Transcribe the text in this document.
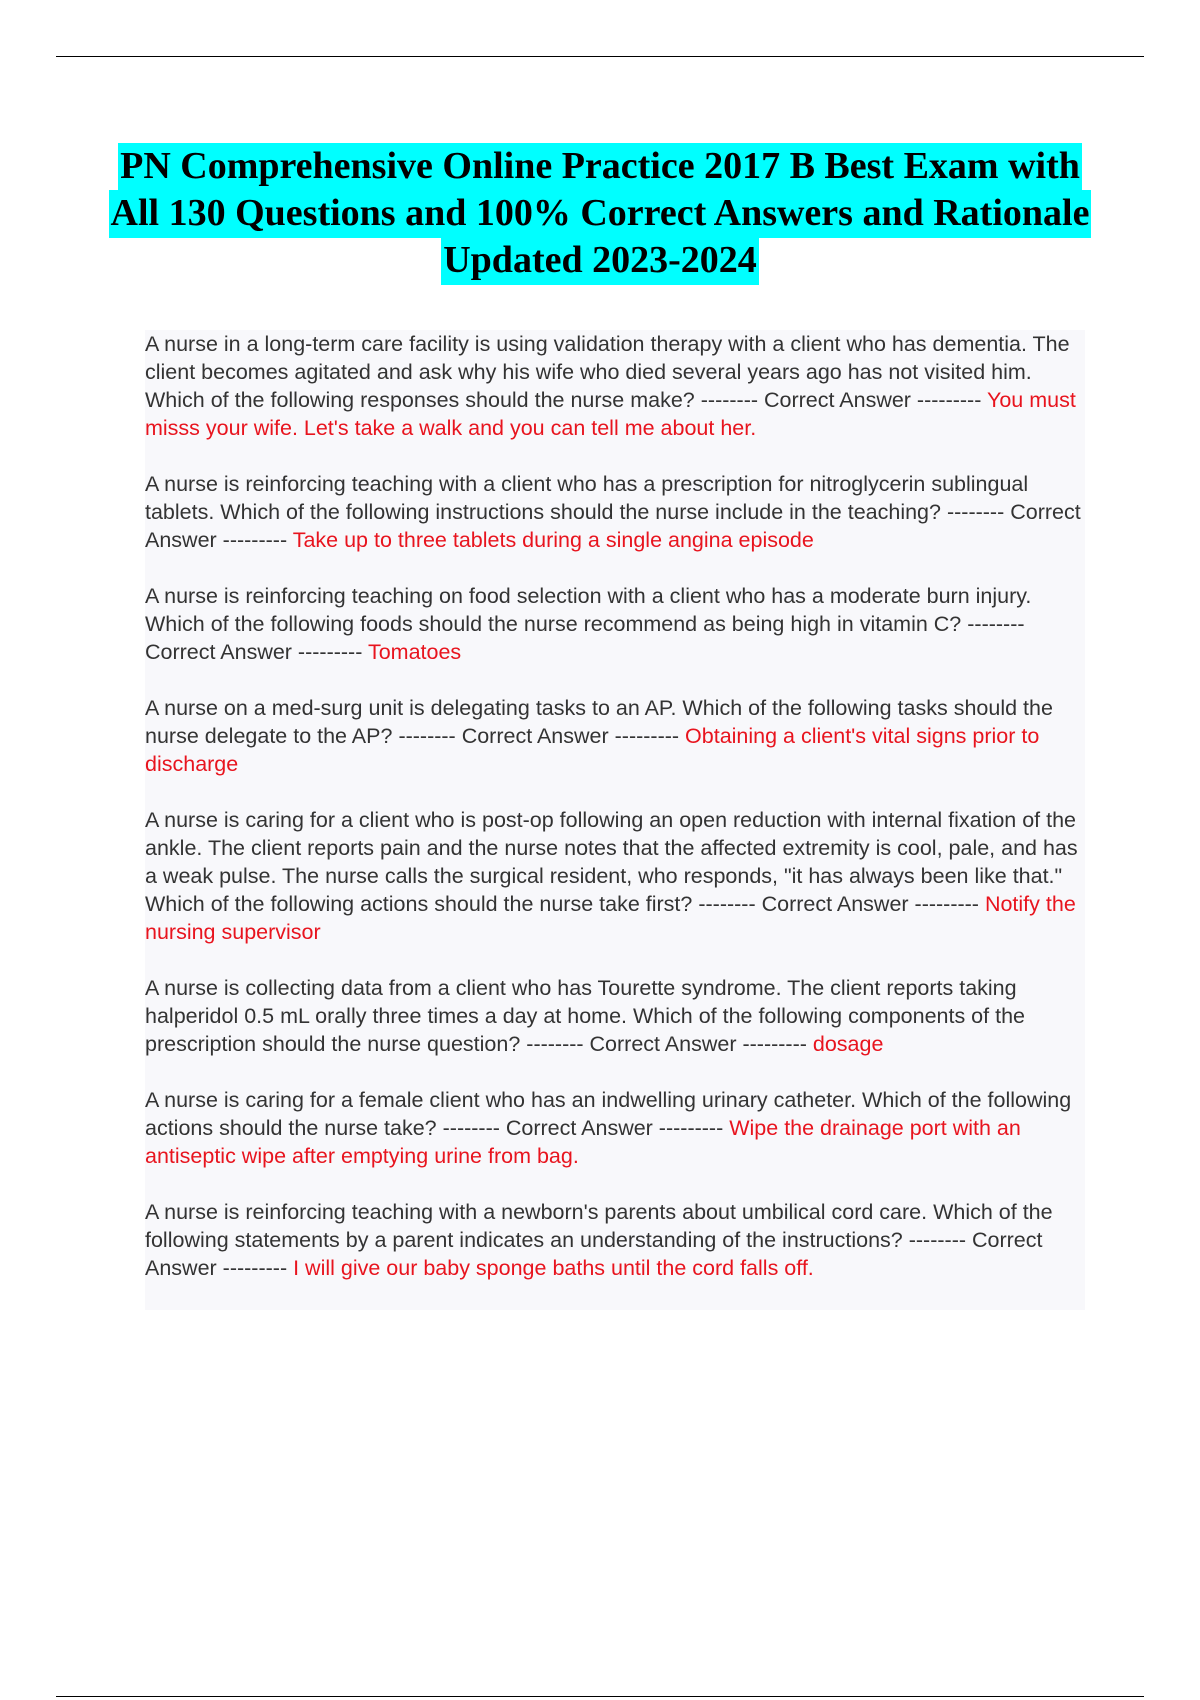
PN Comprehensive Online Practice 2017 B Best Exam with All 130 Questions and 100% Correct Answers and Rationale Updated 2023-2024

A nurse in a long-term care facility is using validation therapy with a client who has dementia. The client becomes agitated and ask why his wife who died several years ago has not visited him. Which of the following responses should the nurse make? -------- Correct Answer --------- You must misss your wife. Let's take a walk and you can tell me about her.

A nurse is reinforcing teaching with a client who has a prescription for nitroglycerin sublingual tablets. Which of the following instructions should the nurse include in the teaching? -------- Correct Answer --------- Take up to three tablets during a single angina episode

A nurse is reinforcing teaching on food selection with a client who has a moderate burn injury. Which of the following foods should the nurse recommend as being high in vitamin C? -------- Correct Answer --------- Tomatoes

A nurse on a med-surg unit is delegating tasks to an AP. Which of the following tasks should the nurse delegate to the AP? -------- Correct Answer --------- Obtaining a client's vital signs prior to discharge

A nurse is caring for a client who is post-op following an open reduction with internal fixation of the ankle. The client reports pain and the nurse notes that the affected extremity is cool, pale, and has a weak pulse. The nurse calls the surgical resident, who responds, "it has always been like that." Which of the following actions should the nurse take first? -------- Correct Answer --------- Notify the nursing supervisor

A nurse is collecting data from a client who has Tourette syndrome. The client reports taking halperidol 0.5 mL orally three times a day at home. Which of the following components of the prescription should the nurse question? -------- Correct Answer --------- dosage

A nurse is caring for a female client who has an indwelling urinary catheter. Which of the following actions should the nurse take? -------- Correct Answer --------- Wipe the drainage port with an antiseptic wipe after emptying urine from bag.

A nurse is reinforcing teaching with a newborn's parents about umbilical cord care. Which of the following statements by a parent indicates an understanding of the instructions? -------- Correct Answer --------- I will give our baby sponge baths until the cord falls off.
